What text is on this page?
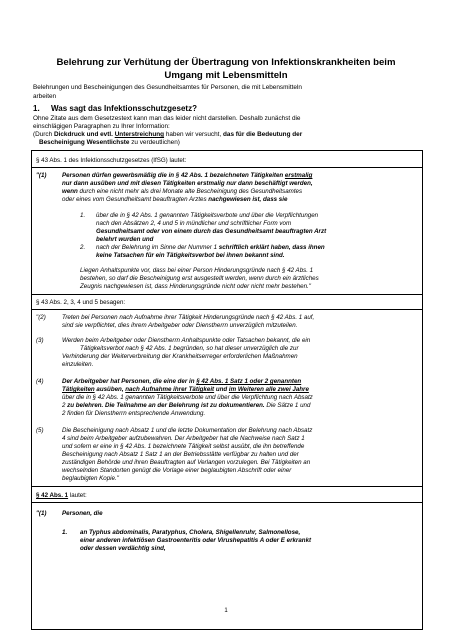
Belehrung zur Verhütung der Übertragung von Infektionskrankheiten beim
Umgang mit Lebensmitteln
Belehrungen und Bescheinigungen des Gesundheitsamtes für Personen, die mit Lebensmitteln
arbeiten
1. Was sagt das Infektionsschutzgesetz?
Ohne Zitate aus dem Gesetzestext kann man das leider nicht darstellen. Deshalb zunächst die
einschlägigen Paragraphen zu Ihrer Information:
(Durch Dickdruck und evtl. Unterstreichung haben wir versucht, das für die Bedeutung der
Bescheinigung Wesentlichste zu verdeutlichen)
§ 43 Abs. 1 des Infektionsschutzgesetzes (IfSG) lautet:
"(1)	Personen dürfen gewerbsmäßig die in § 42 Abs. 1 bezeichneten Tätigkeiten erstmalig
nur dann ausüben und mit diesen Tätigkeiten erstmalig nur dann beschäftigt werden,
wenn durch eine nicht mehr als drei Monate alte Bescheinigung des Gesundheitsamtes
oder eines vom Gesundheitsamt beauftragten Arztes nachgewiesen ist, dass sie
1. über die in § 42 Abs. 1 genannten Tätigkeitsverbote und über die Verpflichtungen
nach den Absätzen 2, 4 und 5 in mündlicher und schriftlicher Form vom
Gesundheitsamt oder von einem durch das Gesundheitsamt beauftragten Arzt
belehrt wurden und
2. nach der Belehrung im Sinne der Nummer 1 schriftlich erklärt haben, dass ihnen
keine Tatsachen für ein Tätigkeitsverbot bei ihnen bekannt sind.
Liegen Anhaltspunkte vor, dass bei einer Person Hinderungsgründe nach § 42 Abs. 1
bestehen, so darf die Bescheinigung erst ausgestellt werden, wenn durch ein ärztliches
Zeugnis nachgewiesen ist, dass Hinderungsgründe nicht oder nicht mehr bestehen."
§ 43 Abs. 2, 3, 4 und 5 besagen:
"(2)	Treten bei Personen nach Aufnahme ihrer Tätigkeit Hinderungsgründe nach § 42 Abs. 1 auf,
sind sie verpflichtet, dies ihrem Arbeitgeber oder Dienstherrn unverzüglich mitzuteilen.
(3)	Werden beim Arbeitgeber oder Dienstherrn Anhaltspunkte oder Tatsachen bekannt, die ein
Tätigkeitsverbot nach § 42 Abs. 1 begründen, so hat dieser unverzüglich die zur
Verhinderung der Weiterverbreitung der Krankheitserreger erforderlichen Maßnahmen
einzuleiten.
(4)	Der Arbeitgeber hat Personen, die eine der in § 42 Abs. 1 Satz 1 oder 2 genannten
Tätigkeiten ausüben, nach Aufnahme ihrer Tätigkeit und im Weiteren alle zwei Jahre
über die in § 42 Abs. 1 genannten Tätigkeitsverbote und über die Verpflichtung nach Absatz
2 zu belehren. Die Teilnahme an der Belehrung ist zu dokumentieren. Die Sätze 1 und
2 finden für Dienstherrn entsprechende Anwendung.
(5)	Die Bescheinigung nach Absatz 1 und die letzte Dokumentation der Belehrung nach Absatz
4 sind beim Arbeitgeber aufzubewahren. Der Arbeitgeber hat die Nachweise nach Satz 1
und sofern er eine in § 42 Abs. 1 bezeichnete Tätigkeit selbst ausübt, die ihn betreffende
Bescheinigung nach Absatz 1 Satz 1 an der Betriebsstätte verfügbar zu halten und der
zuständigen Behörde und ihren Beauftragten auf Verlangen vorzulegen. Bei Tätigkeiten an
wechselnden Standorten genügt die Vorlage einer beglaubigten Abschrift oder einer
beglaubigten Kopie."
§ 42 Abs. 1 lautet:
"(1)	Personen, die
1. an Typhus abdominalis, Paratyphus, Cholera, Shigellenruhr, Salmonellose,
einer anderen infektiösen Gastroenteritis oder Virushepatitis A oder E erkrankt
oder dessen verdächtig sind,
1
